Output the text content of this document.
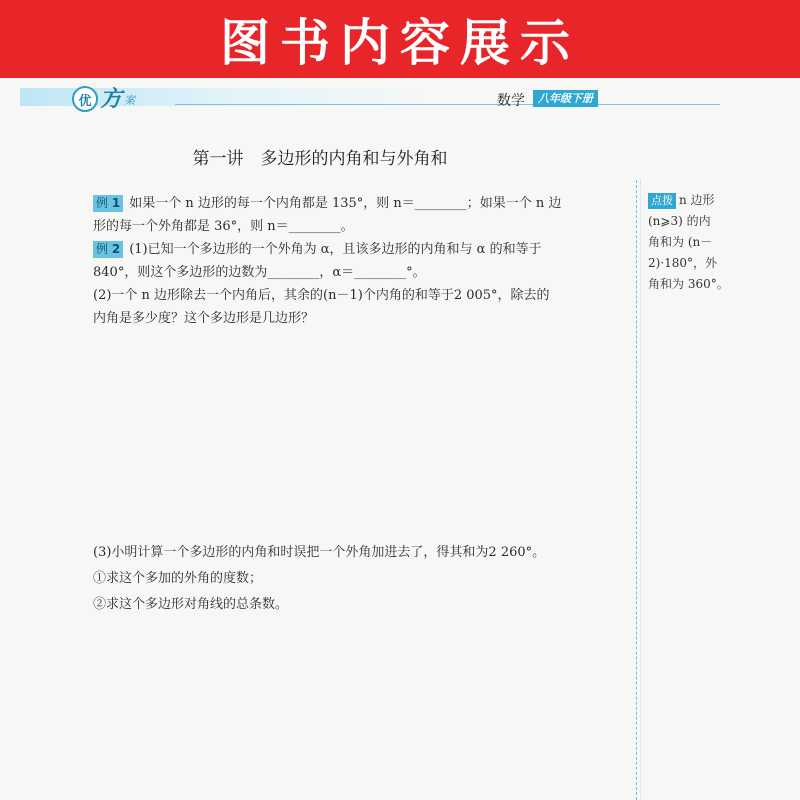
图书内容展示
优 方 案	数学	八年级下册
第一讲　多边形的内角和与外角和

例 1 如果一个 n 边形的每一个内角都是 135°，则 n＝________；如果一个 n 边

形的每一个外角都是 36°，则 n＝________。

例 2 (1)已知一个多边形的一个外角为 α，且该多边形的内角和与 α 的和等于

840°，则这个多边形的边数为________，α＝________°。

(2)一个 n 边形除去一个内角后，其余的(n－1)个内角的和等于2 005°，除去的

内角是多少度？这个多边形是几边形？

(3)小明计算一个多边形的内角和时误把一个外角加进去了，得其和为2 260°。

①求这个多加的外角的度数；

②求这个多边形对角线的总条数。

点拨 n 边形
(n⩾3) 的内
角和为 (n－
2)·180°，外
角和为 360°。
